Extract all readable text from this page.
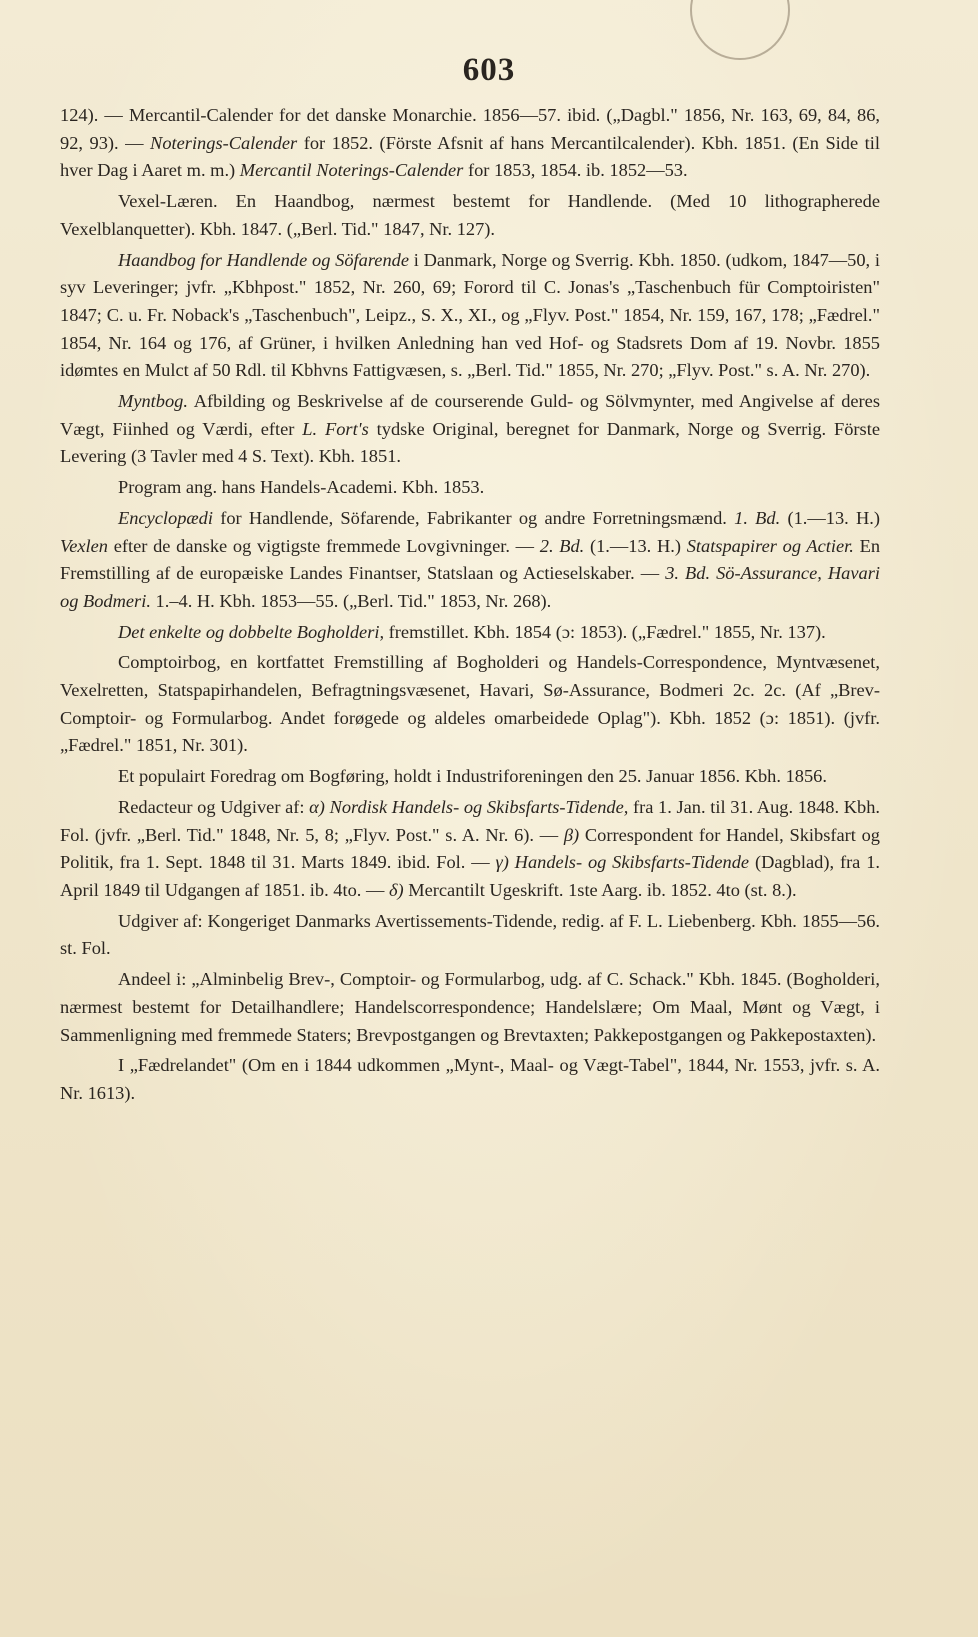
603

124). — Mercantil-Calender for det danske Monarchie. 1856—57. ibid. („Dagbl." 1856, Nr. 163, 69, 84, 86, 92, 93). — Noterings-Calender for 1852. (Förste Afsnit af hans Mercantilcalender). Kbh. 1851. (En Side til hver Dag i Aaret m. m.) Mercantil Noterings-Calender for 1853, 1854. ib. 1852—53.

Vexel-Læren. En Haandbog, nærmest bestemt for Handlende. (Med 10 lithographerede Vexelblanquetter). Kbh. 1847. („Berl. Tid." 1847, Nr. 127).

Haandbog for Handlende og Söfarende i Danmark, Norge og Sverrig. Kbh. 1850. (udkom, 1847—50, i syv Leveringer; jvfr. „Kbhpost." 1852, Nr. 260, 69; Forord til C. Jonas's „Taschenbuch für Comptoiristen" 1847; C. u. Fr. Noback's „Taschenbuch", Leipz., S. X., XI., og „Flyv. Post." 1854, Nr. 159, 167, 178; „Fædrel." 1854, Nr. 164 og 176, af Grüner, i hvilken Anledning han ved Hof- og Stadsrets Dom af 19. Novbr. 1855 idømtes en Mulct af 50 Rdl. til Kbhvns Fattigvæsen, s. „Berl. Tid." 1855, Nr. 270; „Flyv. Post." s. A. Nr. 270).

Myntbog. Afbilding og Beskrivelse af de courserende Guld- og Sölvmynter, med Angivelse af deres Vægt, Fiinhed og Værdi, efter L. Fort's tydske Original, beregnet for Danmark, Norge og Sverrig. Förste Levering (3 Tavler med 4 S. Text). Kbh. 1851.

Program ang. hans Handels-Academi. Kbh. 1853.

Encyclopædi for Handlende, Söfarende, Fabrikanter og andre Forretningsmænd. 1. Bd. (1.—13. H.) Vexlen efter de danske og vigtigste fremmede Lovgivninger. — 2. Bd. (1.—13. H.) Statspapirer og Actier. En Fremstilling af de europæiske Landes Finantser, Statslaan og Actieselskaber. — 3. Bd. Sö-Assurance, Havari og Bodmeri. 1.–4. H. Kbh. 1853—55. („Berl. Tid." 1853, Nr. 268).

Det enkelte og dobbelte Bogholderi, fremstillet. Kbh. 1854 (ɔ: 1853). („Fædrel." 1855, Nr. 137).

Comptoirbog, en kortfattet Fremstilling af Bogholderi og Handels-Correspondence, Myntvæsenet, Vexelretten, Statspapirhandelen, Befragtningsvæsenet, Havari, Sø-Assurance, Bodmeri 2c. 2c. (Af „Brev- Comptoir- og Formularbog. Andet forøgede og aldeles omarbeidede Oplag"). Kbh. 1852 (ɔ: 1851). (jvfr. „Fædrel." 1851, Nr. 301).

Et populairt Foredrag om Bogføring, holdt i Industriforeningen den 25. Januar 1856. Kbh. 1856.

Redacteur og Udgiver af: α) Nordisk Handels- og Skibsfarts-Tidende, fra 1. Jan. til 31. Aug. 1848. Kbh. Fol. (jvfr. „Berl. Tid." 1848, Nr. 5, 8; „Flyv. Post." s. A. Nr. 6). — β) Correspondent for Handel, Skibsfart og Politik, fra 1. Sept. 1848 til 31. Marts 1849. ibid. Fol. — γ) Handels- og Skibsfarts-Tidende (Dagblad), fra 1. April 1849 til Udgangen af 1851. ib. 4to. — δ) Mercantilt Ugeskrift. 1ste Aarg. ib. 1852. 4to (st. 8.).

Udgiver af: Kongeriget Danmarks Avertissements-Tidende, redig. af F. L. Liebenberg. Kbh. 1855—56. st. Fol.

Andeel i: „Alminbelig Brev-, Comptoir- og Formularbog, udg. af C. Schack." Kbh. 1845. (Bogholderi, nærmest bestemt for Detailhandlere; Handelscorrespondence; Handelslære; Om Maal, Mønt og Vægt, i Sammenligning med fremmede Staters; Brevpostgangen og Brevtaxten; Pakkepostgangen og Pakkepostaxten).

I „Fædrelandet" (Om en i 1844 udkommen „Mynt-, Maal- og Vægt-Tabel", 1844, Nr. 1553, jvfr. s. A. Nr. 1613).
